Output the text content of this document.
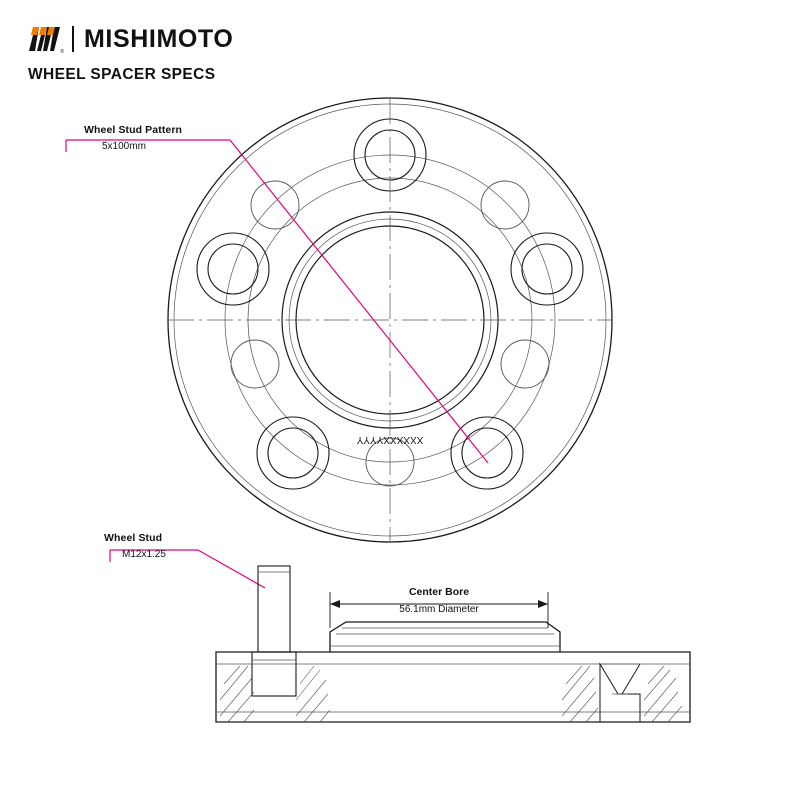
® MISHIMOTO
WHEEL SPACER SPECS
XXXXXXYYYY
Wheel Stud Pattern
5x100mm
Wheel Stud
M12x1.25
Center Bore
56.1mm Diameter
